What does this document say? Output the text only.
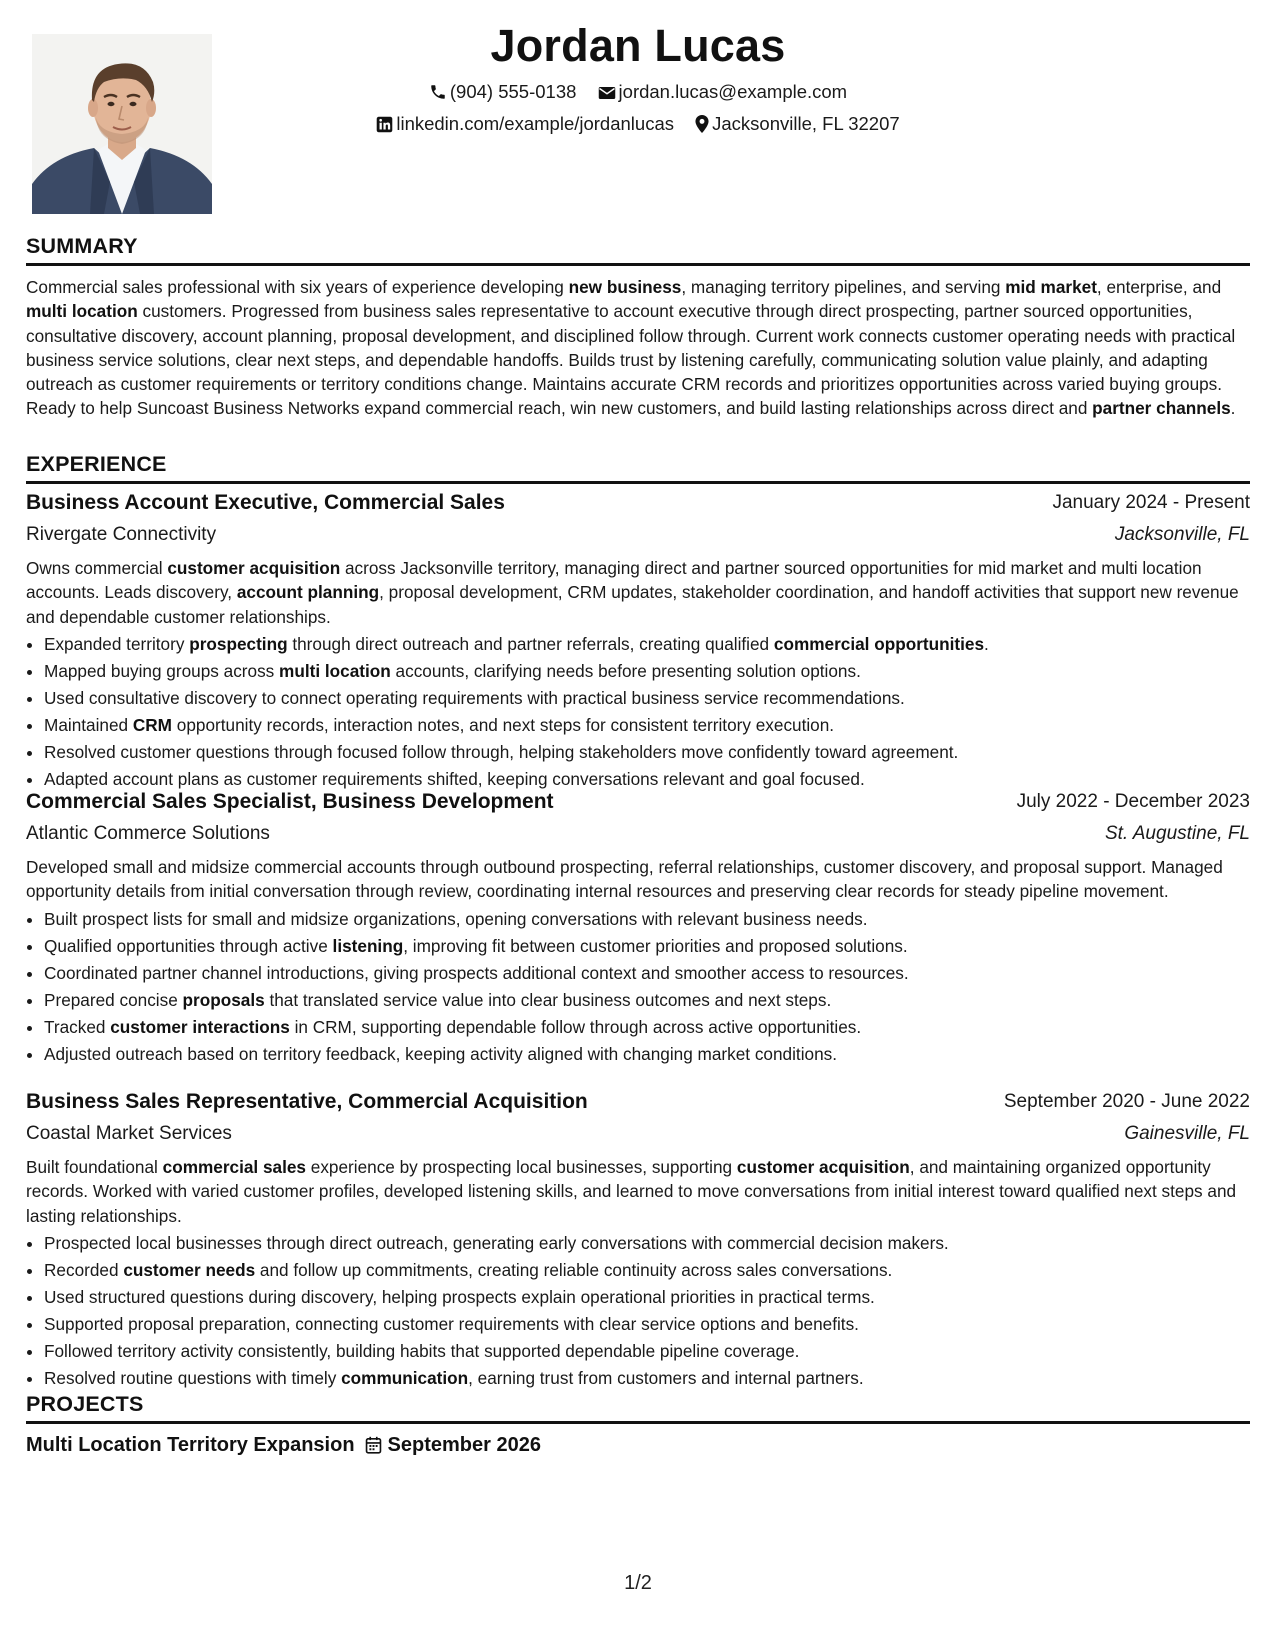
Jordan Lucas
(904) 555-0138 jordan.lucas@example.com
linkedin.com/example/jordanlucas Jacksonville, FL 32207
SUMMARY

Commercial sales professional with six years of experience developing new business, managing territory pipelines, and serving mid market, enterprise, and multi location customers. Progressed from business sales representative to account executive through direct prospecting, partner sourced opportunities, consultative discovery, account planning, proposal development, and disciplined follow through. Current work connects customer operating needs with practical business service solutions, clear next steps, and dependable handoffs. Builds trust by listening carefully, communicating solution value plainly, and adapting outreach as customer requirements or territory conditions change. Maintains accurate CRM records and prioritizes opportunities across varied buying groups. Ready to help Suncoast Business Networks expand commercial reach, win new customers, and build lasting relationships across direct and partner channels.

EXPERIENCE
Business Account Executive, Commercial Sales	January 2024 - Present
Rivergate Connectivity	Jacksonville, FL

Owns commercial customer acquisition across Jacksonville territory, managing direct and partner sourced opportunities for mid market and multi location accounts. Leads discovery, account planning, proposal development, CRM updates, stakeholder coordination, and handoff activities that support new revenue and dependable customer relationships.

• Expanded territory prospecting through direct outreach and partner referrals, creating qualified commercial opportunities.
• Mapped buying groups across multi location accounts, clarifying needs before presenting solution options.
• Used consultative discovery to connect operating requirements with practical business service recommendations.
• Maintained CRM opportunity records, interaction notes, and next steps for consistent territory execution.
• Resolved customer questions through focused follow through, helping stakeholders move confidently toward agreement.
• Adapted account plans as customer requirements shifted, keeping conversations relevant and goal focused.
Commercial Sales Specialist, Business Development	July 2022 - December 2023
Atlantic Commerce Solutions	St. Augustine, FL

Developed small and midsize commercial accounts through outbound prospecting, referral relationships, customer discovery, and proposal support. Managed opportunity details from initial conversation through review, coordinating internal resources and preserving clear records for steady pipeline movement.

• Built prospect lists for small and midsize organizations, opening conversations with relevant business needs.
• Qualified opportunities through active listening, improving fit between customer priorities and proposed solutions.
• Coordinated partner channel introductions, giving prospects additional context and smoother access to resources.
• Prepared concise proposals that translated service value into clear business outcomes and next steps.
• Tracked customer interactions in CRM, supporting dependable follow through across active opportunities.
• Adjusted outreach based on territory feedback, keeping activity aligned with changing market conditions.
Business Sales Representative, Commercial Acquisition	September 2020 - June 2022
Coastal Market Services	Gainesville, FL

Built foundational commercial sales experience by prospecting local businesses, supporting customer acquisition, and maintaining organized opportunity records. Worked with varied customer profiles, developed listening skills, and learned to move conversations from initial interest toward qualified next steps and lasting relationships.

• Prospected local businesses through direct outreach, generating early conversations with commercial decision makers.
• Recorded customer needs and follow up commitments, creating reliable continuity across sales conversations.
• Used structured questions during discovery, helping prospects explain operational priorities in practical terms.
• Supported proposal preparation, connecting customer requirements with clear service options and benefits.
• Followed territory activity consistently, building habits that supported dependable pipeline coverage.
• Resolved routine questions with timely communication, earning trust from customers and internal partners.
PROJECTS
Multi Location Territory Expansion September 2026
1/2
